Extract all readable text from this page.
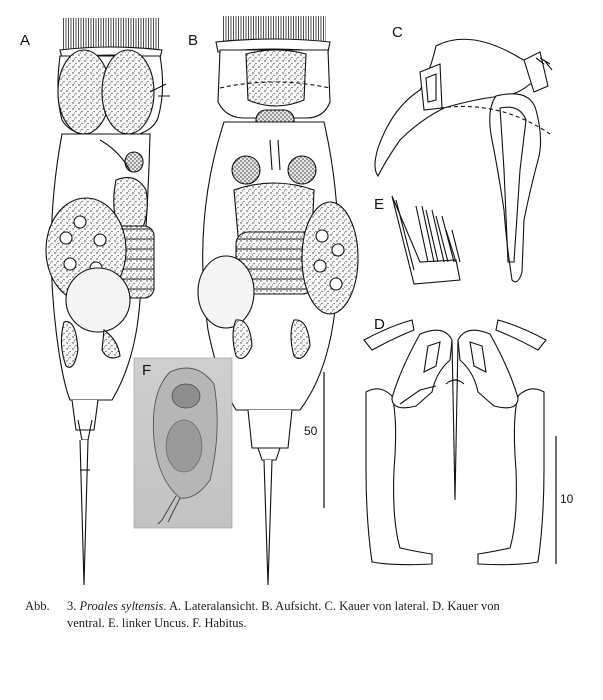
A	B	C
E
D
F
50
10
Abb. 3. Proales syltensis. A. Lateralansicht. B. Aufsicht. C. Kauer von lateral. D. Kauer von
ventral. E. linker Uncus. F. Habitus.
